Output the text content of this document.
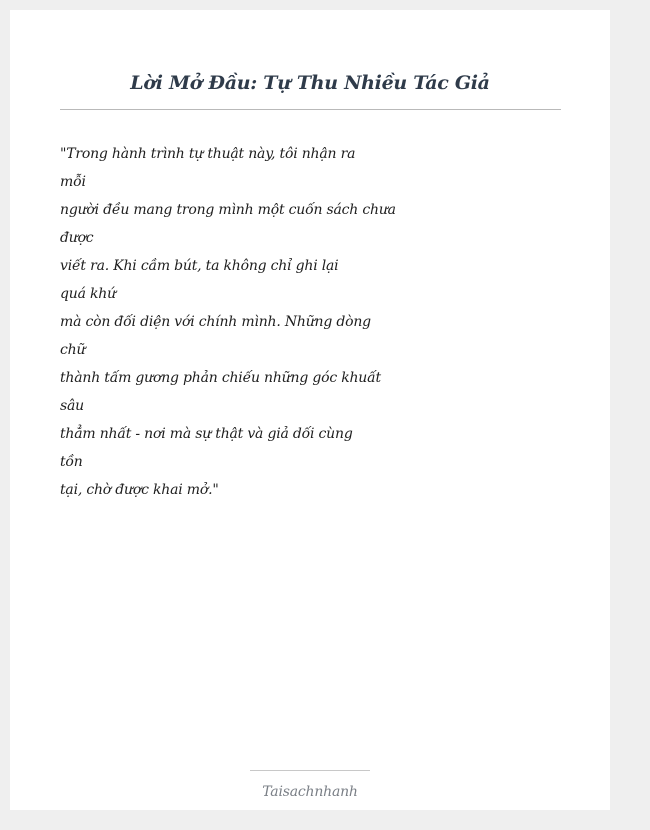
Lời Mở Đầu: Tự Thu Nhiều Tác Giả
"Trong hành trình tự thuật này, tôi nhận ra
mỗi
người đều mang trong mình một cuốn sách chưa
được
viết ra. Khi cầm bút, ta không chỉ ghi lại
quá khứ
mà còn đối diện với chính mình. Những dòng
chữ
thành tấm gương phản chiếu những góc khuất
sâu
thẳm nhất - nơi mà sự thật và giả dối cùng
tồn
tại, chờ được khai mở."
Taisachnhanh
